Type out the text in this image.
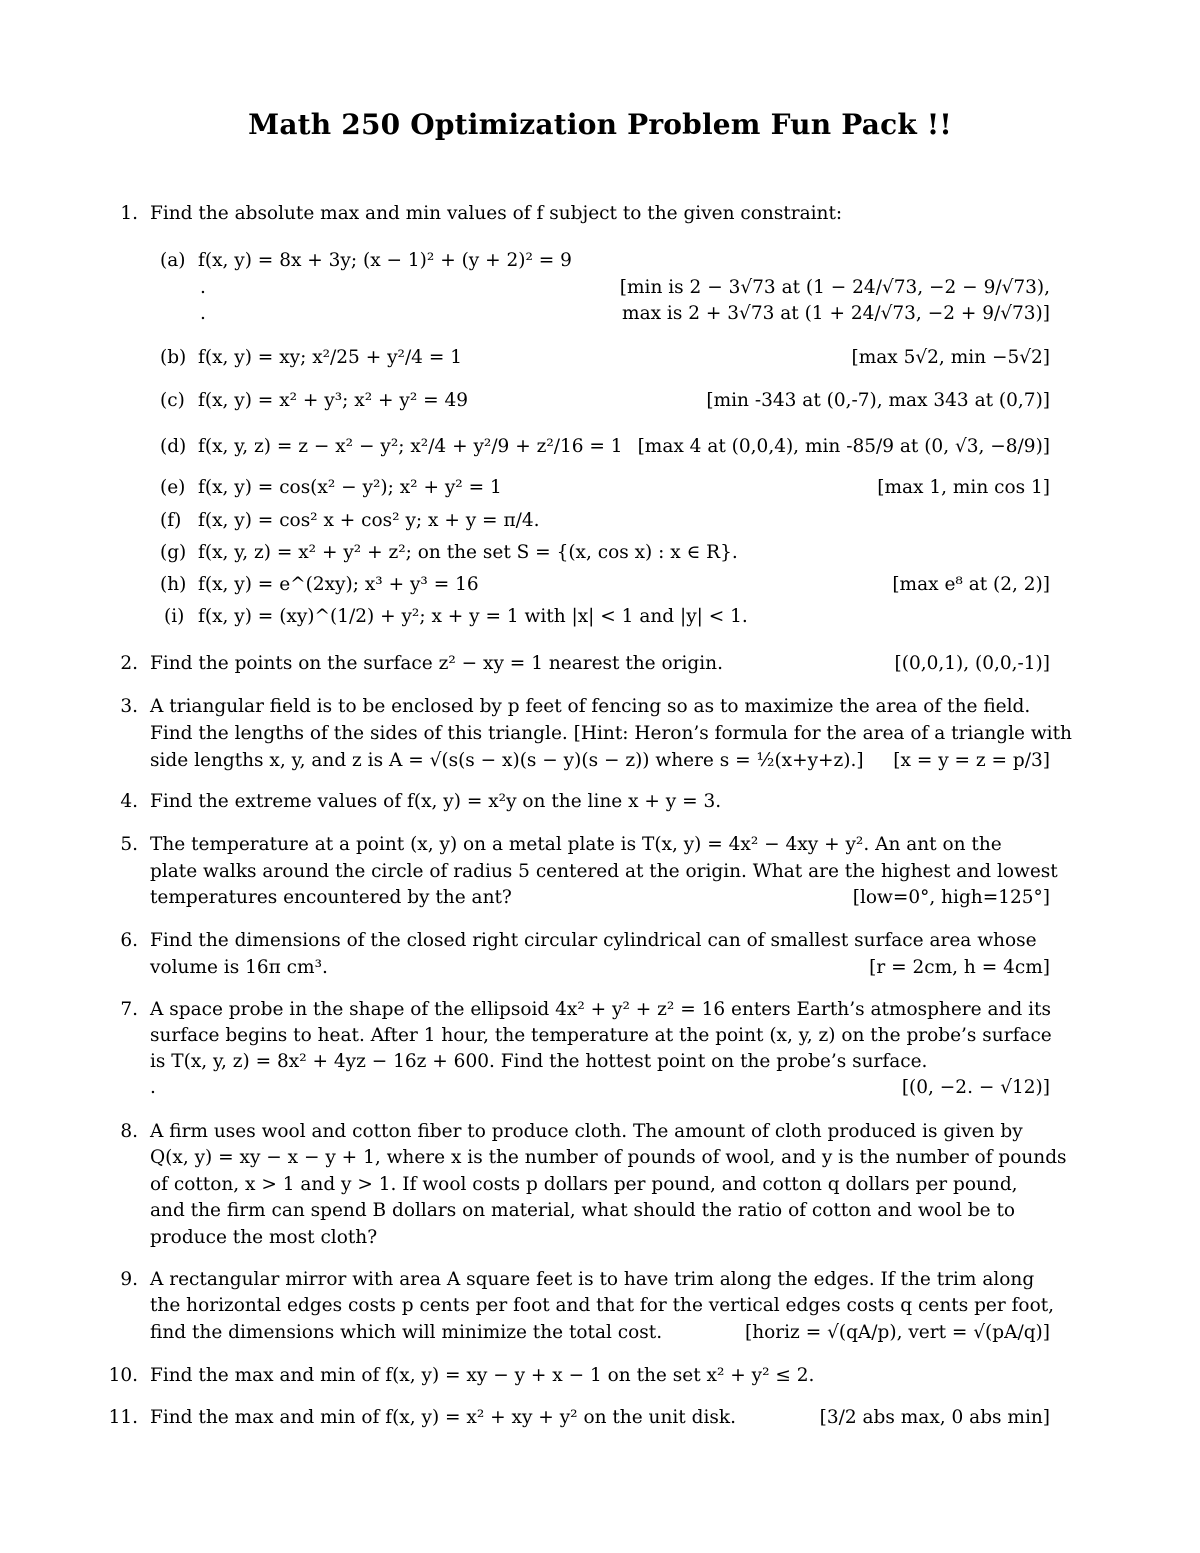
Math 250 Optimization Problem Fun Pack !!
1. Find the absolute max and min values of f subject to the given constraint:
(a) f(x, y) = 8x + 3y; (x − 1)² + (y + 2)² = 9
.	[min is 2 − 3√73 at (1 − 24/√73, −2 − 9/√73),
.	max is 2 + 3√73 at (1 + 24/√73, −2 + 9/√73)]
(b) f(x, y) = xy; x²/25 + y²/4 = 1	[max 5√2, min −5√2]
(c) f(x, y) = x² + y³; x² + y² = 49	[min -343 at (0,-7), max 343 at (0,7)]
(d) f(x, y, z) = z − x² − y²; x²/4 + y²/9 + z²/16 = 1 [max 4 at (0,0,4), min -85/9 at (0, √3, −8/9)]
(e) f(x, y) = cos(x² − y²); x² + y² = 1	[max 1, min cos 1]
(f) f(x, y) = cos² x + cos² y; x + y = π/4.
(g) f(x, y, z) = x² + y² + z²; on the set S = {(x, cos x) : x ∈ R}.
(h) f(x, y) = e^(2xy); x³ + y³ = 16	[max e⁸ at (2, 2)]
(i) f(x, y) = (xy)^(1/2) + y²; x + y = 1 with |x| < 1 and |y| < 1.
2. Find the points on the surface z² − xy = 1 nearest the origin.	[(0,0,1), (0,0,-1)]
3. A triangular field is to be enclosed by p feet of fencing so as to maximize the area of the field.
Find the lengths of the sides of this triangle. [Hint: Heron’s formula for the area of a triangle with
side lengths x, y, and z is A = √(s(s − x)(s − y)(s − z)) where s = ½(x+y+z).] [x = y = z = p/3]
4. Find the extreme values of f(x, y) = x²y on the line x + y = 3.
5. The temperature at a point (x, y) on a metal plate is T(x, y) = 4x² − 4xy + y². An ant on the
plate walks around the circle of radius 5 centered at the origin. What are the highest and lowest
temperatures encountered by the ant?	[low=0°, high=125°]
6. Find the dimensions of the closed right circular cylindrical can of smallest surface area whose
volume is 16π cm³.	[r = 2cm, h = 4cm]
7. A space probe in the shape of the ellipsoid 4x² + y² + z² = 16 enters Earth’s atmosphere and its
surface begins to heat. After 1 hour, the temperature at the point (x, y, z) on the probe’s surface
is T(x, y, z) = 8x² + 4yz − 16z + 600. Find the hottest point on the probe’s surface.
.	[(0, −2. − √12)]
8. A firm uses wool and cotton fiber to produce cloth. The amount of cloth produced is given by
Q(x, y) = xy − x − y + 1, where x is the number of pounds of wool, and y is the number of pounds
of cotton, x > 1 and y > 1. If wool costs p dollars per pound, and cotton q dollars per pound,
and the firm can spend B dollars on material, what should the ratio of cotton and wool be to
produce the most cloth?
9. A rectangular mirror with area A square feet is to have trim along the edges. If the trim along
the horizontal edges costs p cents per foot and that for the vertical edges costs q cents per foot,
find the dimensions which will minimize the total cost.	[horiz = √(qA/p), vert = √(pA/q)]
10. Find the max and min of f(x, y) = xy − y + x − 1 on the set x² + y² ≤ 2.
11. Find the max and min of f(x, y) = x² + xy + y² on the unit disk.	[3/2 abs max, 0 abs min]
